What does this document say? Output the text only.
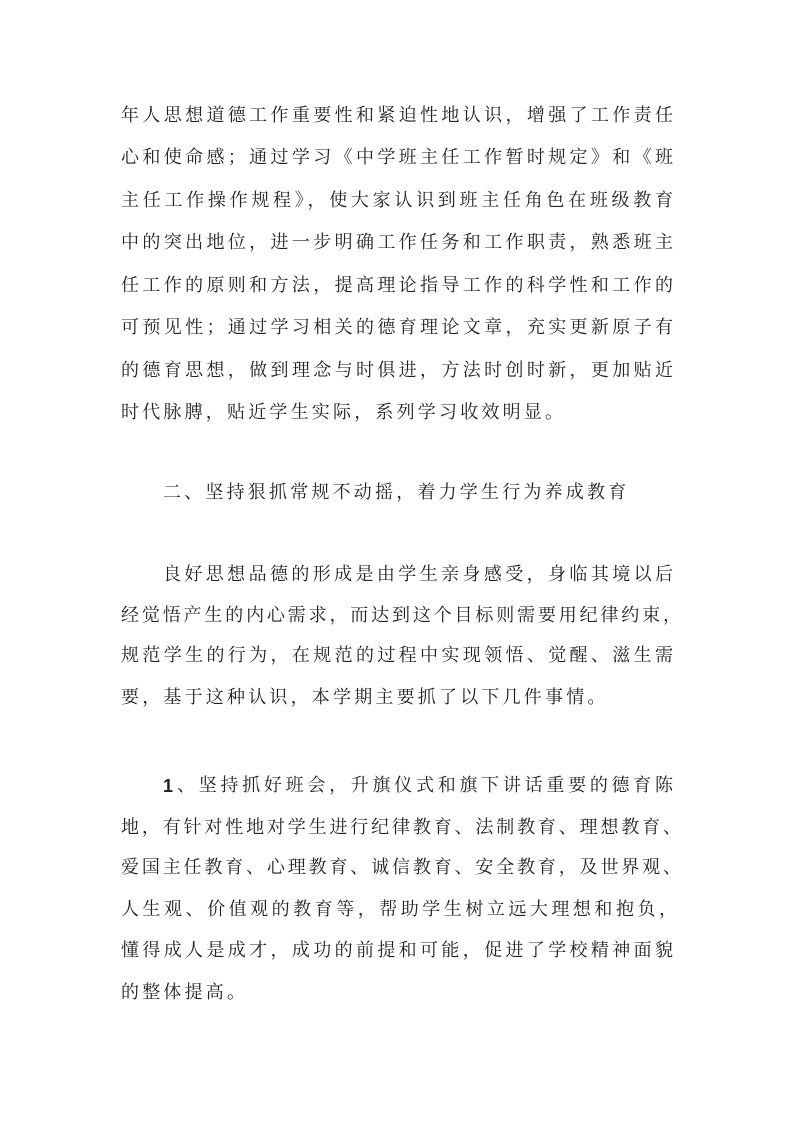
年人思想道德工作重要性和紧迫性地认识，增强了工作责任
心和使命感；通过学习《中学班主任工作暂时规定》和《班
主任工作操作规程》，使大家认识到班主任角色在班级教育
中的突出地位，进一步明确工作任务和工作职责，熟悉班主
任工作的原则和方法，提高理论指导工作的科学性和工作的
可预见性；通过学习相关的德育理论文章，充实更新原子有
的德育思想，做到理念与时俱进，方法时创时新，更加贴近
时代脉膊，贴近学生实际，系列学习收效明显。
二、坚持狠抓常规不动摇，着力学生行为养成教育
良好思想品德的形成是由学生亲身感受，身临其境以后
经觉悟产生的内心需求，而达到这个目标则需要用纪律约束，
规范学生的行为，在规范的过程中实现领悟、觉醒、滋生需
要，基于这种认识，本学期主要抓了以下几件事情。
1 、坚持抓好班会，升旗仪式和旗下讲话重要的德育陈
地，有针对性地对学生进行纪律教育、法制教育、理想教育、
爱国主任教育、心理教育、诚信教育、安全教育，及世界观、
人生观、价值观的教育等，帮助学生树立远大理想和抱负，
懂得成人是成才，成功的前提和可能，促进了学校精神面貌
的整体提高。
